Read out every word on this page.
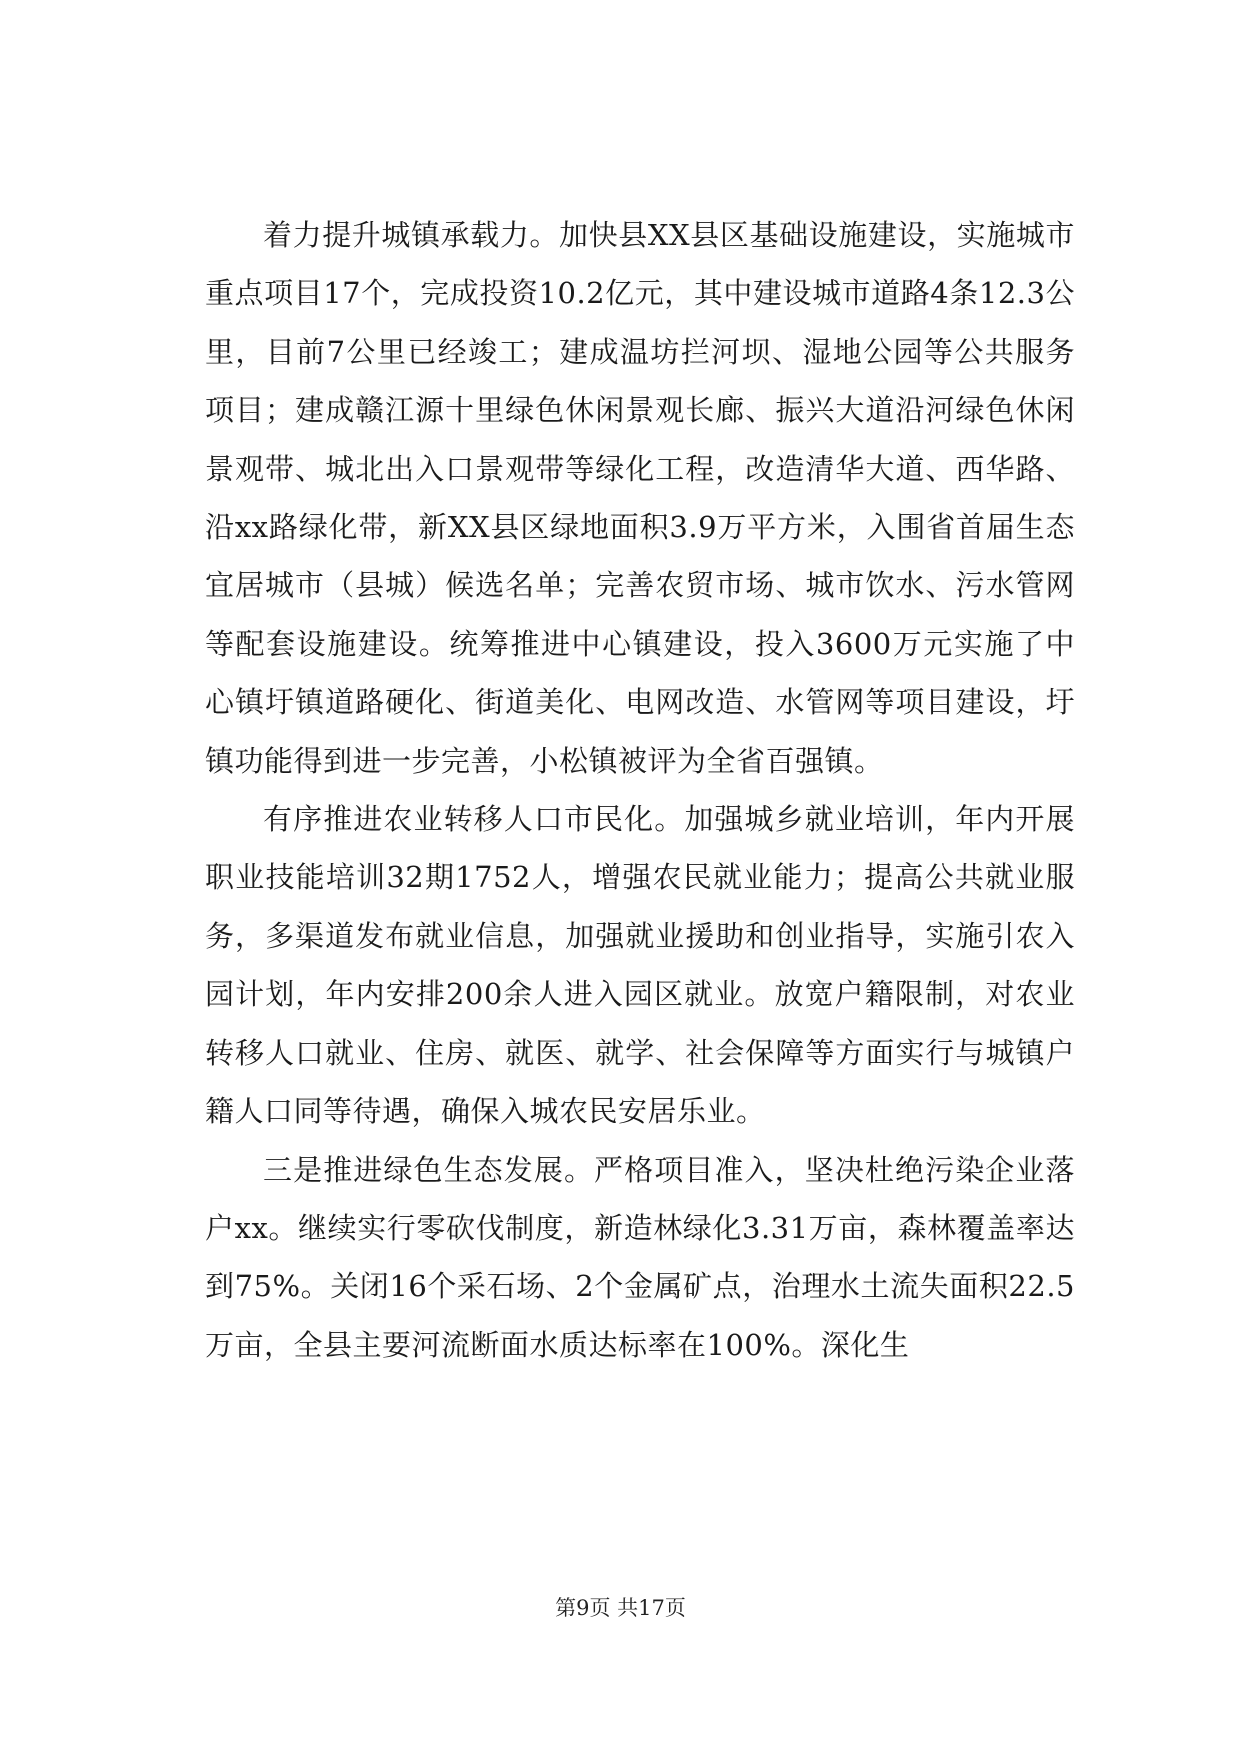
着力提升城镇承载力。加快县XX县区基础设施建设，实施城市重点项目17个，完成投资10.2亿元，其中建设城市道路4条12.3公里，目前7公里已经竣工；建成温坊拦河坝、湿地公园等公共服务项目；建成赣江源十里绿色休闲景观长廊、振兴大道沿河绿色休闲景观带、城北出入口景观带等绿化工程，改造清华大道、西华路、沿xx路绿化带，新XX县区绿地面积3.9万平方米，入围省首届生态宜居城市（县城）候选名单；完善农贸市场、城市饮水、污水管网等配套设施建设。统筹推进中心镇建设，投入3600万元实施了中心镇圩镇道路硬化、街道美化、电网改造、水管网等项目建设，圩镇功能得到进一步完善，小松镇被评为全省百强镇。

有序推进农业转移人口市民化。加强城乡就业培训，年内开展职业技能培训32期1752人，增强农民就业能力；提高公共就业服务，多渠道发布就业信息，加强就业援助和创业指导，实施引农入园计划，年内安排200余人进入园区就业。放宽户籍限制，对农业转移人口就业、住房、就医、就学、社会保障等方面实行与城镇户籍人口同等待遇，确保入城农民安居乐业。

三是推进绿色生态发展。严格项目准入，坚决杜绝污染企业落户xx。继续实行零砍伐制度，新造林绿化3.31万亩，森林覆盖率达到75%。关闭16个采石场、2个金属矿点，治理水土流失面积22.5万亩，全县主要河流断面水质达标率在100%。深化生

第9页 共17页
